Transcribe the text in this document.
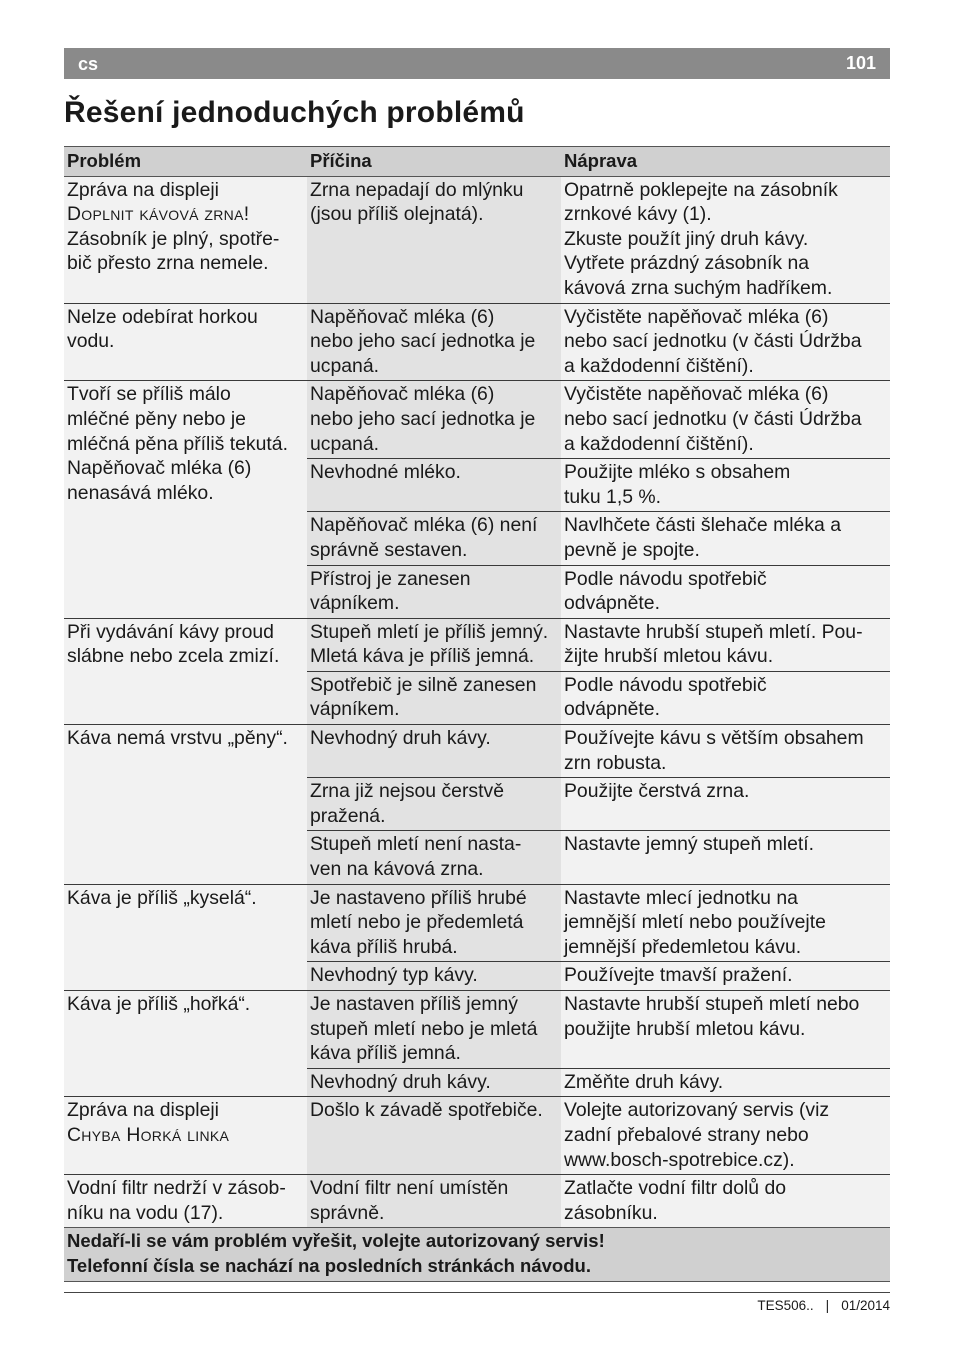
cs	101
Řešení jednoduchých problémů
Problém	Příčina	Náprava

Zpráva na displeji
Doplnit kávová zrna!
Zásobník je plný, spotře-
bič přesto zrna nemele.	Zrna nepadají do mlýnku
(jsou příliš olejnatá).	Opatrně poklepejte na zásobník
zrnkové kávy (1).
Zkuste použít jiný druh kávy.
Vytřete prázdný zásobník na
kávová zrna suchým hadříkem.

Nelze odebírat horkou
vodu.	Napěňovač mléka (6)
nebo jeho sací jednotka je
ucpaná.	Vyčistěte napěňovač mléka (6)
nebo sací jednotku (v části Údržba
a každodenní čištění).

Tvoří se příliš málo
mléčné pěny nebo je
mléčná pěna příliš tekutá.
Napěňovač mléka (6)
nenasává mléko.	Napěňovač mléka (6)
nebo jeho sací jednotka je
ucpaná.	Vyčistěte napěňovač mléka (6)
nebo sací jednotku (v části Údržba
a každodenní čištění).

	Nevhodné mléko.	Použijte mléko s obsahem
tuku 1,5 %.

	Napěňovač mléka (6) není
správně sestaven.	Navlhčete části šlehače mléka a
pevně je spojte.

	Přístroj je zanesen
vápníkem.	Podle návodu spotřebič
odvápněte.

Při vydávání kávy proud
slábne nebo zcela zmizí.	Stupeň mletí je příliš jemný.
Mletá káva je příliš jemná.	Nastavte hrubší stupeň mletí. Pou-
žijte hrubší mletou kávu.

	Spotřebič je silně zanesen
vápníkem.	Podle návodu spotřebič
odvápněte.

Káva nemá vrstvu „pěny“.	Nevhodný druh kávy.	Používejte kávu s větším obsahem
zrn robusta.

	Zrna již nejsou čerstvě
pražená.	Použijte čerstvá zrna.

	Stupeň mletí není nasta-
ven na kávová zrna.	Nastavte jemný stupeň mletí.

Káva je příliš „kyselá“.	Je nastaveno příliš hrubé
mletí nebo je předemletá
káva příliš hrubá.	Nastavte mlecí jednotku na
jemnější mletí nebo používejte
jemnější předemletou kávu.

	Nevhodný typ kávy.	Používejte tmavší pražení.

Káva je příliš „hořká“.	Je nastaven příliš jemný
stupeň mletí nebo je mletá
káva příliš jemná.	Nastavte hrubší stupeň mletí nebo
použijte hrubší mletou kávu.

	Nevhodný druh kávy.	Změňte druh kávy.

Zpráva na displeji
Chyba Horká linka	Došlo k závadě spotřebiče.	Volejte autorizovaný servis (viz
zadní přebalové strany nebo
www.bosch-spotrebice.cz).

Vodní filtr nedrží v zásob-
níku na vodu (17).	Vodní filtr není umístěn
správně.	Zatlačte vodní filtr dolů do
zásobníku.

Nedaří-li se vám problém vyřešit, volejte autorizovaný servis!
Telefonní čísla se nachází na posledních stránkách návodu.		
TES506.. | 01/2014
